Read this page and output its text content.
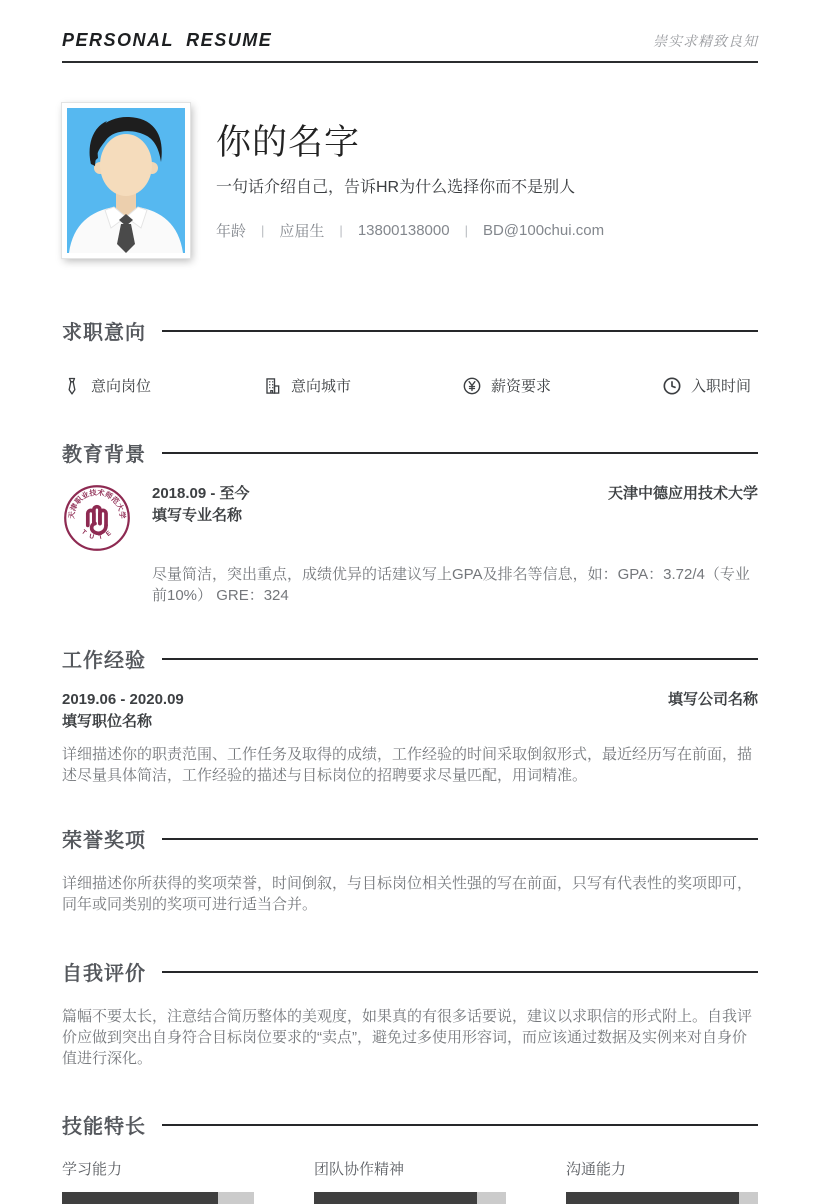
PERSONAL RESUME	崇实求精致良知
你的名字
一句话介绍自己，告诉HR为什么选择你而不是别人
年龄 | 应届生 | 13800138000 | BD@100chui.com
求职意向
意向岗位	意向城市	薪资要求	入职时间
教育背景
天津职业技术师范大学
T U T E
2018.09 - 至今
填写专业名称
天津中德应用技术大学

尽量简洁，突出重点，成绩优异的话建议写上GPA及排名等信息，如：GPA：3.72/4（专业前10%） GRE：324

工作经验
2019.06 - 2020.09
填写职位名称
填写公司名称

详细描述你的职责范围、工作任务及取得的成绩，工作经验的时间采取倒叙形式，最近经历写在前面，描述尽量具体简洁，工作经验的描述与目标岗位的招聘要求尽量匹配，用词精准。

荣誉奖项

详细描述你所获得的奖项荣誉，时间倒叙，与目标岗位相关性强的写在前面，只写有代表性的奖项即可，同年或同类别的奖项可进行适当合并。

自我评价

篇幅不要太长，注意结合简历整体的美观度，如果真的有很多话要说，建议以求职信的形式附上。自我评价应做到突出自身符合目标岗位要求的“卖点”，避免过多使用形容词，而应该通过数据及实例来对自身价值进行深化。

技能特长
学习能力	团队协作精神	沟通能力
